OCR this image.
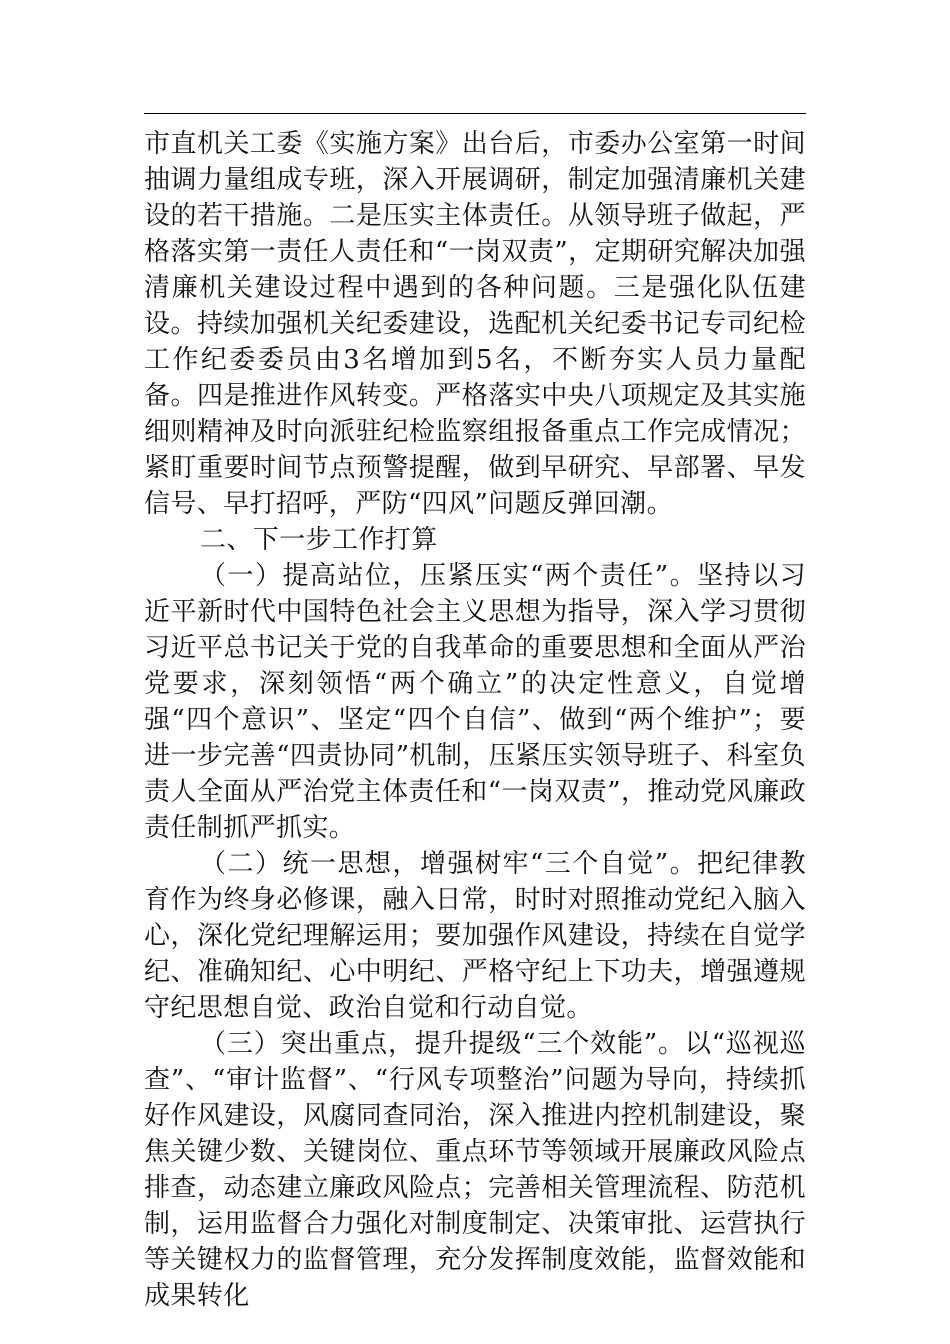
市直机关工委《实施方案》出台后，市委办公室第一时间抽调力量组成专班，深入开展调研，制定加强清廉机关建设的若干措施。二是压实主体责任。从领导班子做起，严格落实第一责任人责任和“一岗双责”，定期研究解决加强清廉机关建设过程中遇到的各种问题。三是强化队伍建设。持续加强机关纪委建设，选配机关纪委书记专司纪检工作纪委委员由3名增加到5名，不断夯实人员力量配备。四是推进作风转变。严格落实中央八项规定及其实施细则精神及时向派驻纪检监察组报备重点工作完成情况；紧盯重要时间节点预警提醒，做到早研究、早部署、早发信号、早打招呼，严防“四风”问题反弹回潮。

二、下一步工作打算

（一）提高站位，压紧压实“两个责任”。坚持以习近平新时代中国特色社会主义思想为指导，深入学习贯彻习近平总书记关于党的自我革命的重要思想和全面从严治党要求，深刻领悟“两个确立”的决定性意义，自觉增强“四个意识”、坚定“四个自信”、做到“两个维护”；要进一步完善“四责协同”机制，压紧压实领导班子、科室负责人全面从严治党主体责任和“一岗双责”，推动党风廉政责任制抓严抓实。

（二）统一思想，增强树牢“三个自觉”。把纪律教育作为终身必修课，融入日常，时时对照推动党纪入脑入心，深化党纪理解运用；要加强作风建设，持续在自觉学纪、准确知纪、心中明纪、严格守纪上下功夫，增强遵规守纪思想自觉、政治自觉和行动自觉。

（三）突出重点，提升提级“三个效能”。以“巡视巡查”、“审计监督”、“行风专项整治”问题为导向，持续抓好作风建设，风腐同查同治，深入推进内控机制建设，聚焦关键少数、关键岗位、重点环节等领域开展廉政风险点排查，动态建立廉政风险点；完善相关管理流程、防范机制，运用监督合力强化对制度制定、决策审批、运营执行等关键权力的监督管理，充分发挥制度效能，监督效能和成果转化
